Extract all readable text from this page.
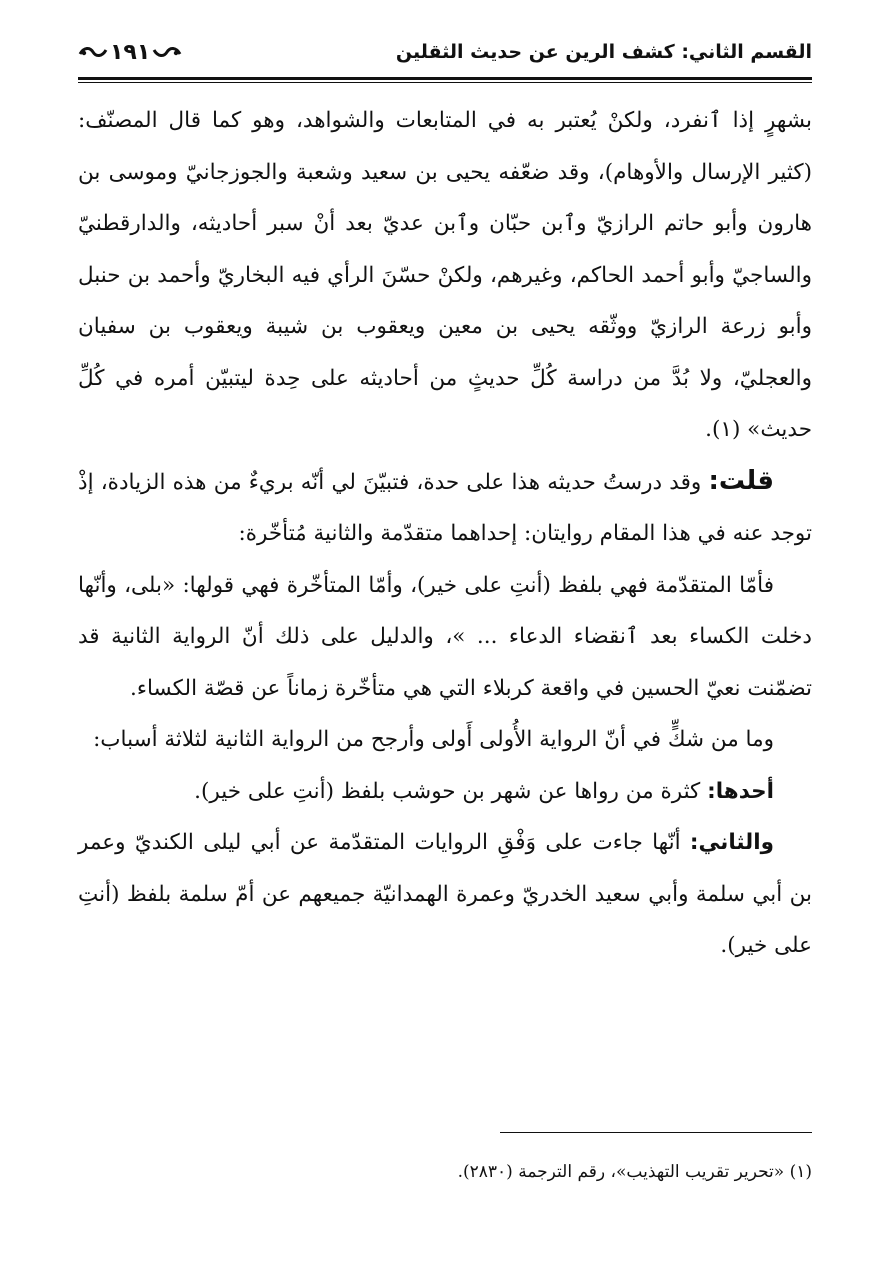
القسم الثاني: كشف الرين عن حديث الثقلين
١٩١

بشهرٍ إذا ٱنفرد، ولكنْ يُعتبر به في المتابعات والشواهد، وهو كما قال المصنّف: (كثير الإرسال والأوهام)، وقد ضعّفه يحيى بن سعيد وشعبة والجوزجانيّ وموسى بن هارون وأبو حاتم الرازيّ وٱبن حبّان وٱبن عديّ بعد أنْ سبر أحاديثه، والدارقطنيّ والساجيّ وأبو أحمد الحاكم، وغيرهم، ولكنْ حسّنَ الرأي فيه البخاريّ وأحمد بن حنبل وأبو زرعة الرازيّ ووثّقه يحيى بن معين ويعقوب بن شيبة ويعقوب بن سفيان والعجليّ، ولا بُدَّ من دراسة كُلِّ حديثٍ من أحاديثه على حِدة ليتبيّن أمره في كُلِّ حديث» (١).

قلت: وقد درستُ حديثه هذا على حدة، فتبيّنَ لي أنّه بريءٌ من هذه الزيادة، إذْ توجد عنه في هذا المقام روايتان: إحداهما متقدّمة والثانية مُتأخّرة:

فأمّا المتقدّمة فهي بلفظ (أنتِ على خير)، وأمّا المتأخّرة فهي قولها: «بلى، وأنّها دخلت الكساء بعد ٱنقضاء الدعاء ... »، والدليل على ذلك أنّ الرواية الثانية قد تضمّنت نعيّ الحسين في واقعة كربلاء التي هي متأخّرة زماناً عن قصّة الكساء.

وما من شكٍّ في أنّ الرواية الأُولى أَولى وأرجح من الرواية الثانية لثلاثة أسباب:

أحدها: كثرة من رواها عن شهر بن حوشب بلفظ (أنتِ على خير).

والثاني: أنّها جاءت على وَفْقِ الروايات المتقدّمة عن أبي ليلى الكنديّ وعمر بن أبي سلمة وأبي سعيد الخدريّ وعمرة الهمدانيّة جميعهم عن أمّ سلمة بلفظ (أنتِ على خير).

(١) «تحرير تقريب التهذيب»، رقم الترجمة (٢٨٣٠).
